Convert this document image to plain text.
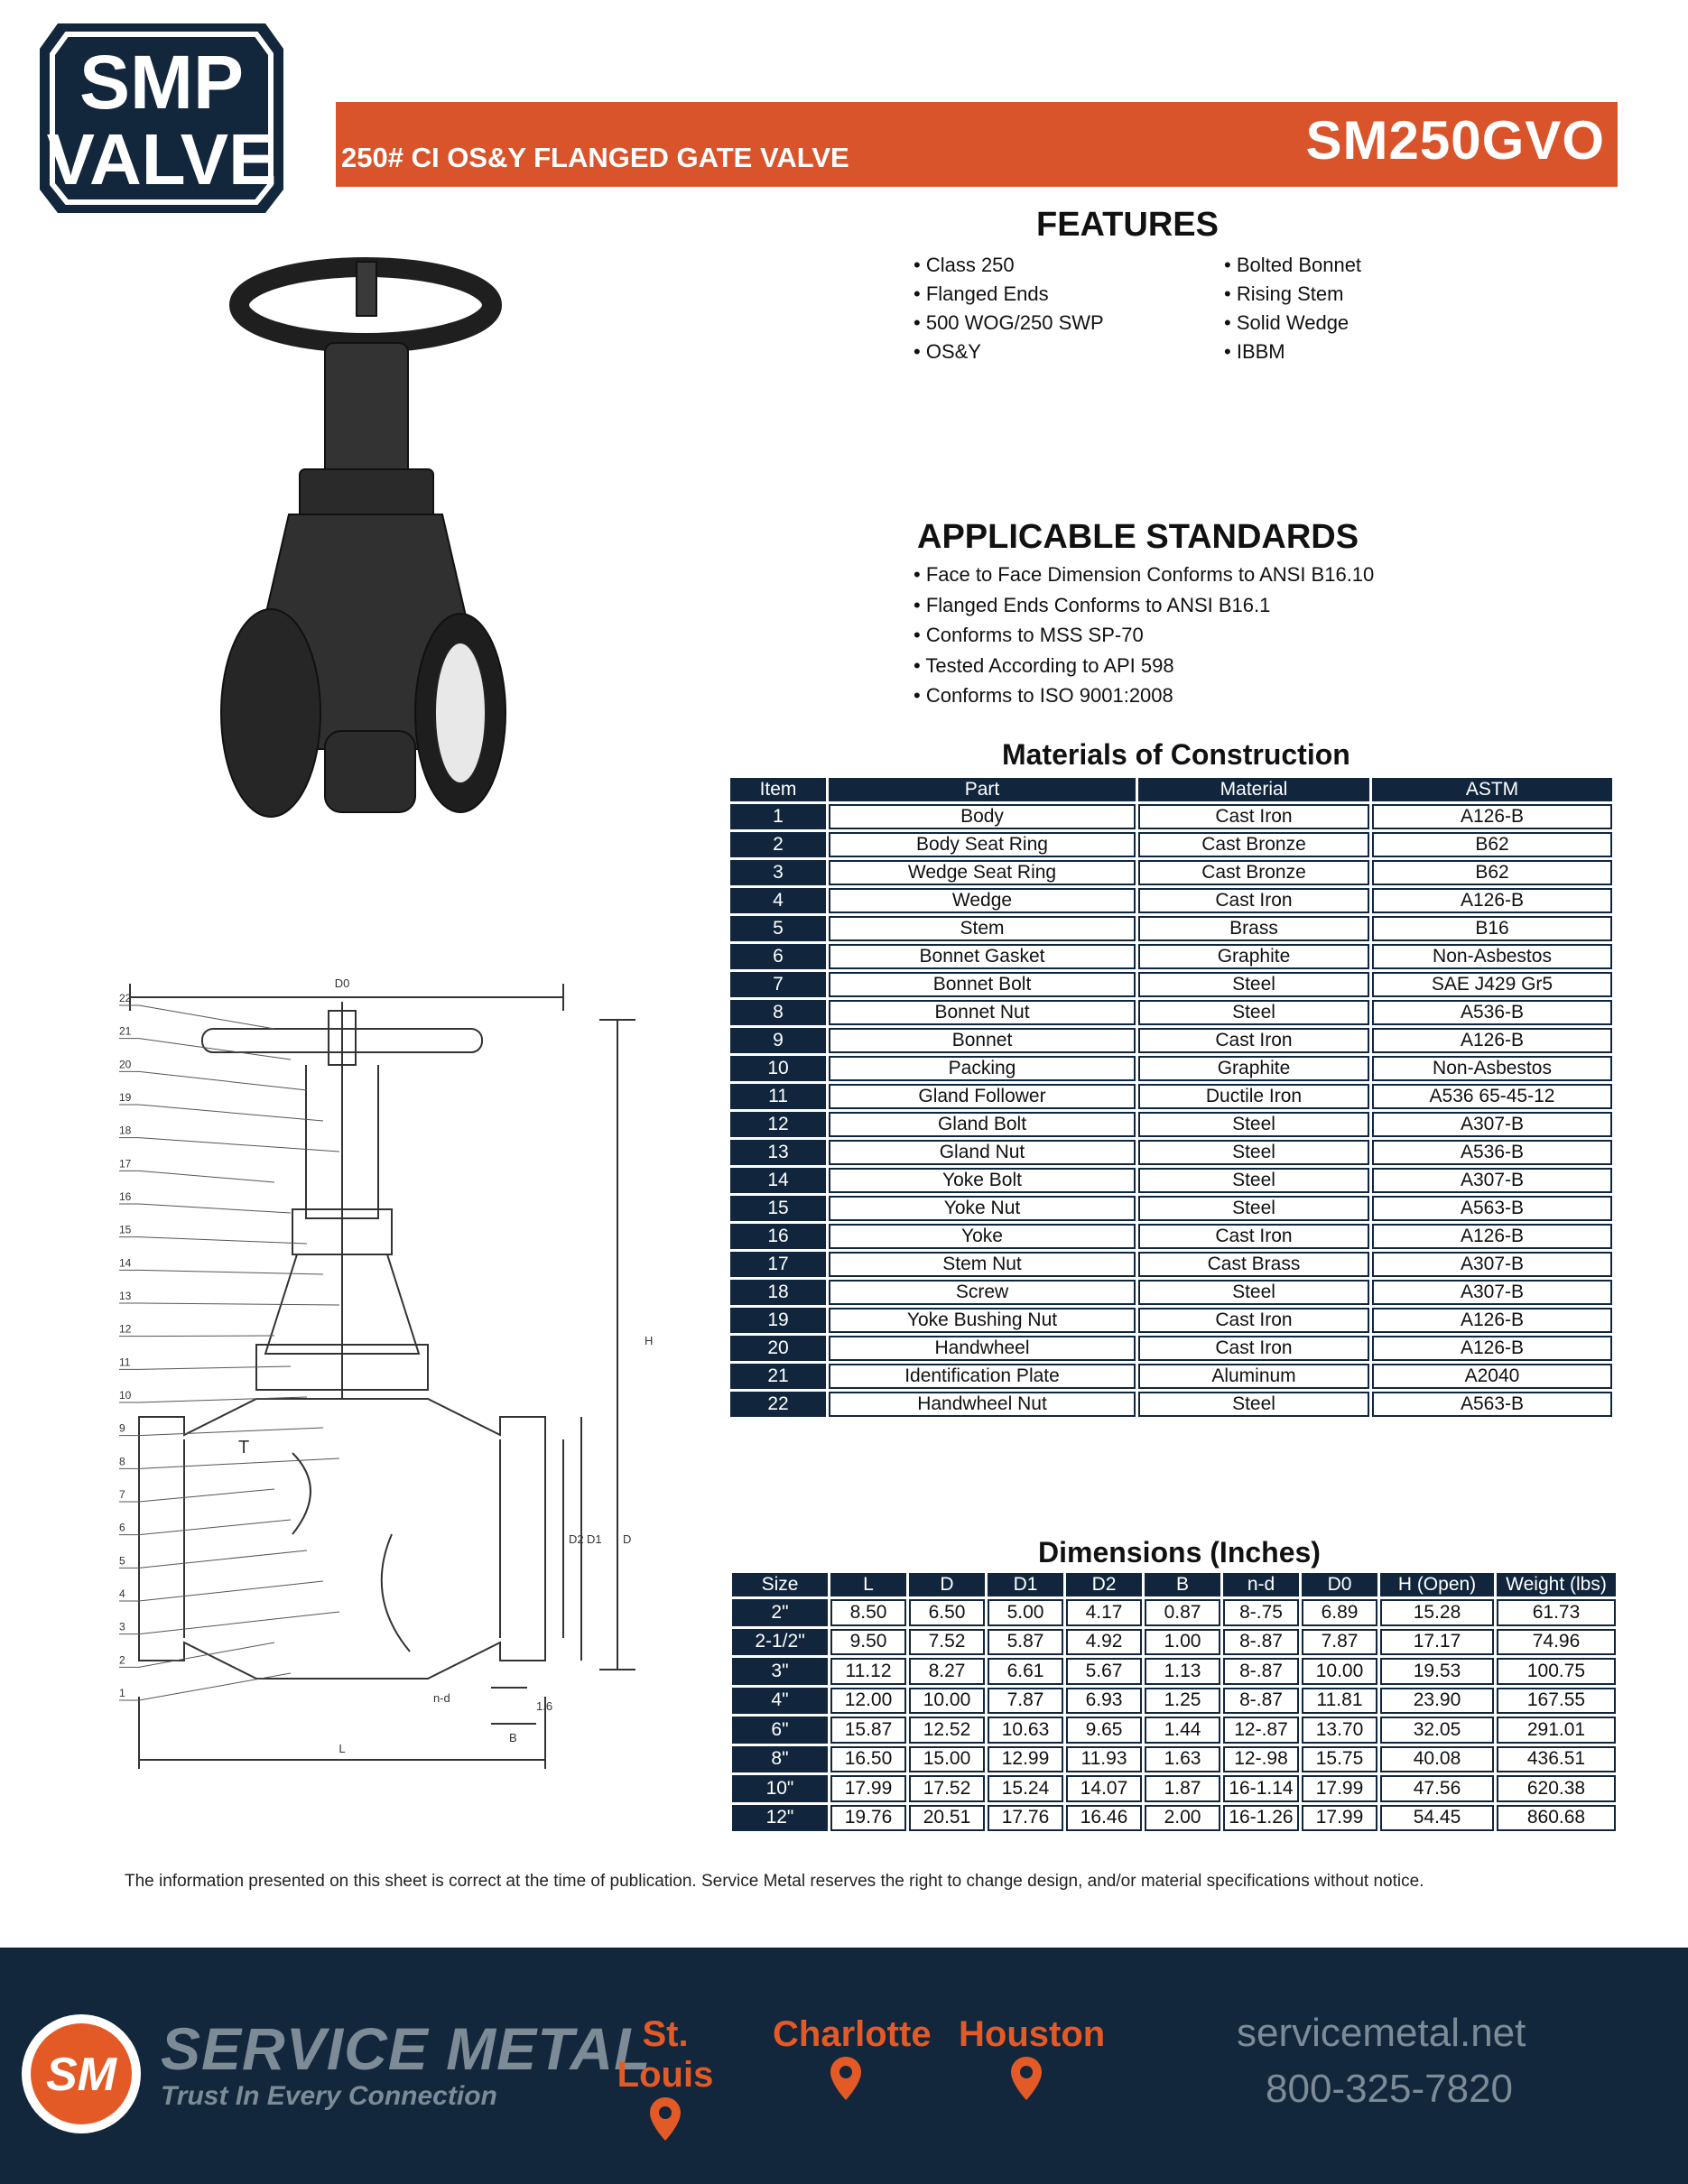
SMP
VALVE 250# CI OS&Y FLANGED GATE VALVE	SM250GVO
FEATURES
• Class 250
• Flanged Ends
• 500 WOG/250 SWP
• OS&Y
• Bolted Bonnet
• Rising Stem
• Solid Wedge
• IBBM
APPLICABLE STANDARDS
• Face to Face Dimension Conforms to ANSI B16.10
• Flanged Ends Conforms to ANSI B16.1
• Conforms to MSS SP-70
• Tested According to API 598
• Conforms to ISO 9001:2008
Materials of Construction
Item	Part	Material	ASTM
1	Body	Cast Iron	A126-B
2	Body Seat Ring	Cast Bronze	B62
3	Wedge Seat Ring	Cast Bronze	B62
4	Wedge	Cast Iron	A126-B
5	Stem	Brass	B16
6	Bonnet Gasket	Graphite	Non-Asbestos
7	Bonnet Bolt	Steel	SAE J429 Gr5
8	Bonnet Nut	Steel	A536-B
9	Bonnet	Cast Iron	A126-B
10	Packing	Graphite	Non-Asbestos
11	Gland Follower	Ductile Iron	A536 65-45-12
12	Gland Bolt	Steel	A307-B
13	Gland Nut	Steel	A536-B
14	Yoke Bolt	Steel	A307-B
15	Yoke Nut	Steel	A563-B
16	Yoke	Cast Iron	A126-B
17	Stem Nut	Cast Brass	A307-B
18	Screw	Steel	A307-B
19	Yoke Bushing Nut	Cast Iron	A126-B
20	Handwheel	Cast Iron	A126-B
21	Identification Plate	Aluminum	A2040
22	Handwheel Nut	Steel	A563-B
D0
H
L
D
D1
D2
B
n-d
T
1.6
22
21
20
19
18
17
16
15
14
13
12
11
10
9
8
7
6
5
4
3
2
1
Dimensions (Inches)
Size	L	D	D1	D2	B	n-d	D0	H (Open)	Weight (lbs)
2"	8.50	6.50	5.00	4.17	0.87	8-.75	6.89	15.28	61.73
2-1/2"	9.50	7.52	5.87	4.92	1.00	8-.87	7.87	17.17	74.96
3"	11.12	8.27	6.61	5.67	1.13	8-.87	10.00	19.53	100.75
4"	12.00	10.00	7.87	6.93	1.25	8-.87	11.81	23.90	167.55
6"	15.87	12.52	10.63	9.65	1.44	12-.87	13.70	32.05	291.01
8"	16.50	15.00	12.99	11.93	1.63	12-.98	15.75	40.08	436.51
10"	17.99	17.52	15.24	14.07	1.87	16-1.14	17.99	47.56	620.38
12"	19.76	20.51	17.76	16.46	2.00	16-1.26	17.99	54.45	860.68
The information presented on this sheet is correct at the time of publication. Service Metal reserves the right to change design, and/or material specifications without notice.
SM SERVICE METAL
Trust In Every Connection
St. Louis
Charlotte Houston	servicemetal.net
800-325-7820
